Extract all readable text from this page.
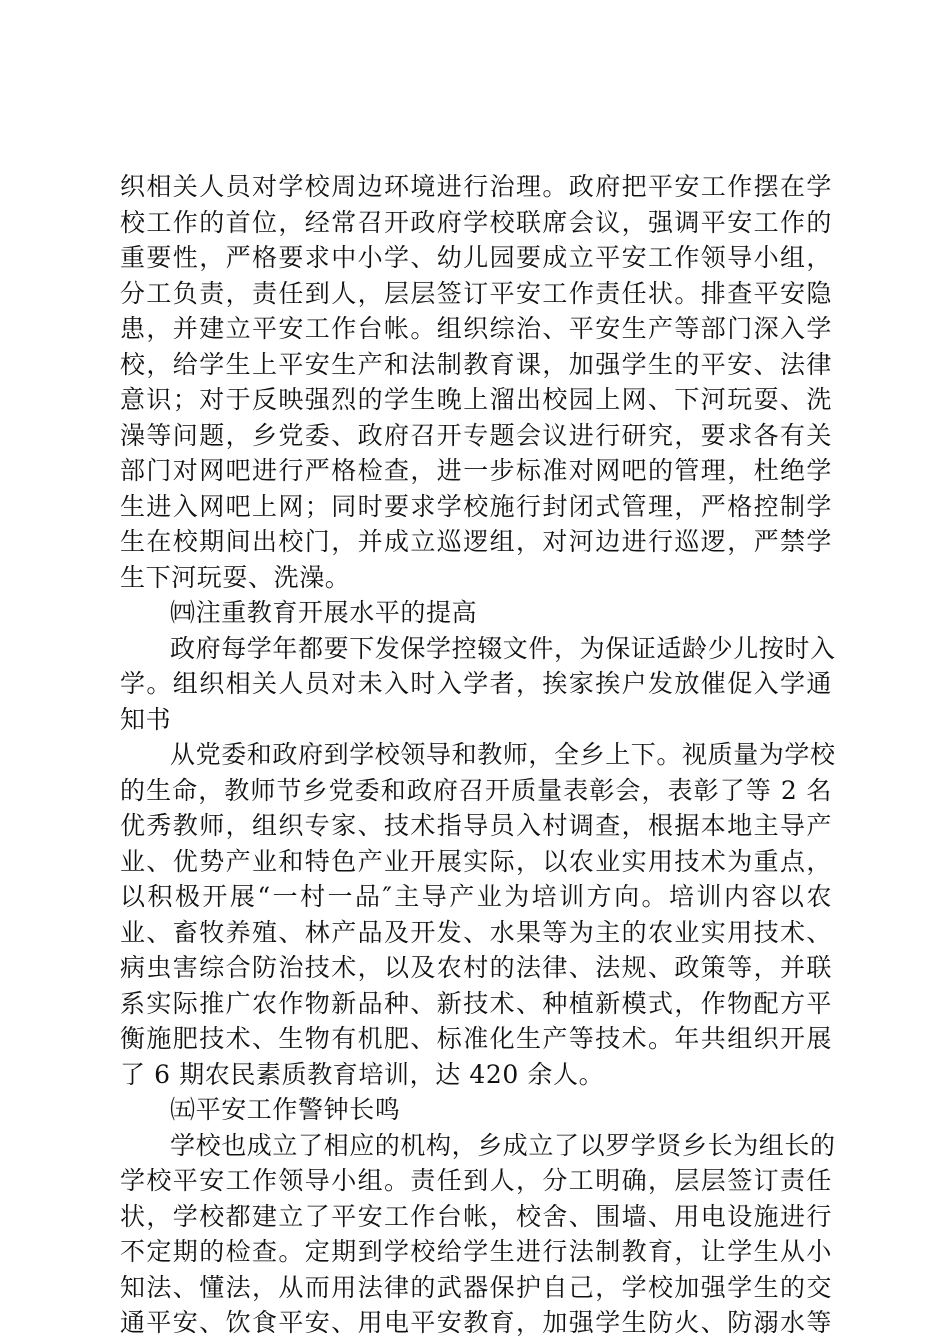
织相关人员对学校周边环境进行治理。政府把平安工作摆在学
校工作的首位，经常召开政府学校联席会议，强调平安工作的
重要性，严格要求中小学、幼儿园要成立平安工作领导小组，
分工负责，责任到人，层层签订平安工作责任状。排查平安隐
患，并建立平安工作台帐。组织综治、平安生产等部门深入学
校，给学生上平安生产和法制教育课，加强学生的平安、法律
意识；对于反映强烈的学生晚上溜出校园上网、下河玩耍、洗
澡等问题，乡党委、政府召开专题会议进行研究，要求各有关
部门对网吧进行严格检查，进一步标准对网吧的管理，杜绝学
生进入网吧上网；同时要求学校施行封闭式管理，严格控制学
生在校期间出校门，并成立巡逻组，对河边进行巡逻，严禁学
生下河玩耍、洗澡。
㈣注重教育开展水平的提高
政府每学年都要下发保学控辍文件，为保证适龄少儿按时入
学。组织相关人员对未入时入学者，挨家挨户发放催促入学通
知书
从党委和政府到学校领导和教师，全乡上下。视质量为学校
的生命，教师节乡党委和政府召开质量表彰会，表彰了等 2 名
优秀教师，组织专家、技术指导员入村调查，根据本地主导产
业、优势产业和特色产业开展实际，以农业实用技术为重点，
以积极开展“一村一品″主导产业为培训方向。培训内容以农
业、畜牧养殖、林产品及开发、水果等为主的农业实用技术、
病虫害综合防治技术，以及农村的法律、法规、政策等，并联
系实际推广农作物新品种、新技术、种植新模式，作物配方平
衡施肥技术、生物有机肥、标准化生产等技术。年共组织开展
了 6 期农民素质教育培训，达 420 余人。
㈤平安工作警钟长鸣
学校也成立了相应的机构，乡成立了以罗学贤乡长为组长的
学校平安工作领导小组。责任到人，分工明确，层层签订责任
状，学校都建立了平安工作台帐，校舍、围墙、用电设施进行
不定期的检查。定期到学校给学生进行法制教育，让学生从小
知法、懂法，从而用法律的武器保护自己，学校加强学生的交
通平安、饮食平安、用电平安教育，加强学生防火、防溺水等
